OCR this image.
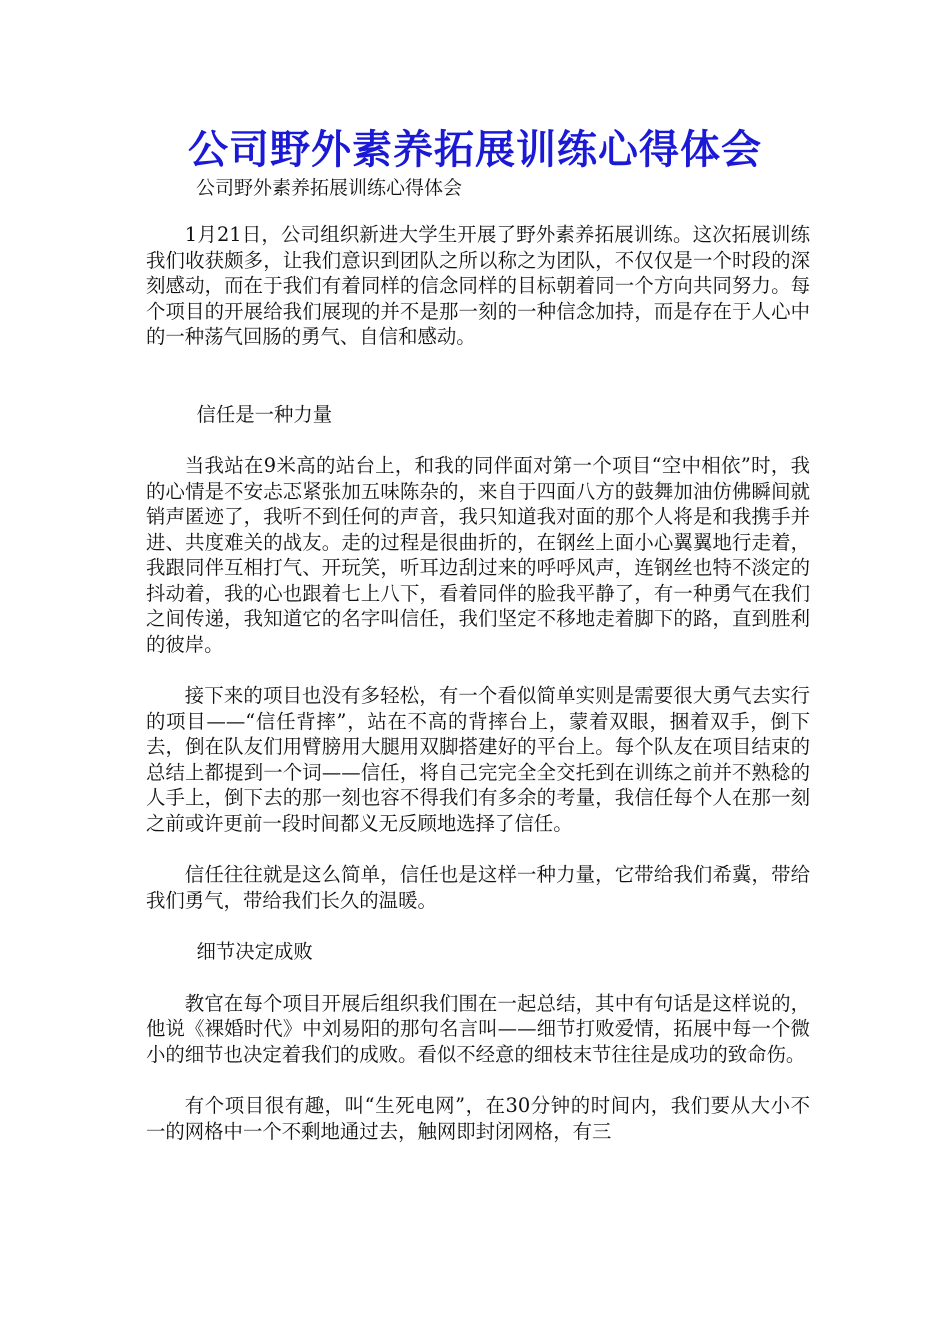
公司野外素养拓展训练心得体会
公司野外素养拓展训练心得体会

1月21日，公司组织新进大学生开展了野外素养拓展训练。这次拓展训练我们收获颇多，让我们意识到团队之所以称之为团队，不仅仅是一个时段的深刻感动，而在于我们有着同样的信念同样的目标朝着同一个方向共同努力。每个项目的开展给我们展现的并不是那一刻的一种信念加持，而是存在于人心中的一种荡气回肠的勇气、自信和感动。

信任是一种力量

当我站在9米高的站台上，和我的同伴面对第一个项目“空中相依”时，我的心情是不安忐忑紧张加五味陈杂的，来自于四面八方的鼓舞加油仿佛瞬间就销声匿迹了，我听不到任何的声音，我只知道我对面的那个人将是和我携手并进、共度难关的战友。走的过程是很曲折的，在钢丝上面小心翼翼地行走着，我跟同伴互相打气、开玩笑，听耳边刮过来的呼呼风声，连钢丝也特不淡定的抖动着，我的心也跟着七上八下，看着同伴的脸我平静了，有一种勇气在我们之间传递，我知道它的名字叫信任，我们坚定不移地走着脚下的路，直到胜利的彼岸。

接下来的项目也没有多轻松，有一个看似简单实则是需要很大勇气去实行的项目——“信任背摔”，站在不高的背摔台上，蒙着双眼，捆着双手，倒下去，倒在队友们用臂膀用大腿用双脚搭建好的平台上。每个队友在项目结束的总结上都提到一个词——信任，将自己完完全全交托到在训练之前并不熟稔的人手上，倒下去的那一刻也容不得我们有多余的考量，我信任每个人在那一刻之前或许更前一段时间都义无反顾地选择了信任。

信任往往就是这么简单，信任也是这样一种力量，它带给我们希冀，带给我们勇气，带给我们长久的温暖。

细节决定成败

教官在每个项目开展后组织我们围在一起总结，其中有句话是这样说的，他说《裸婚时代》中刘易阳的那句名言叫——细节打败爱情，拓展中每一个微小的细节也决定着我们的成败。看似不经意的细枝末节往往是成功的致命伤。

有个项目很有趣，叫“生死电网”，在30分钟的时间内，我们要从大小不一的网格中一个不剩地通过去，触网即封闭网格，有三
